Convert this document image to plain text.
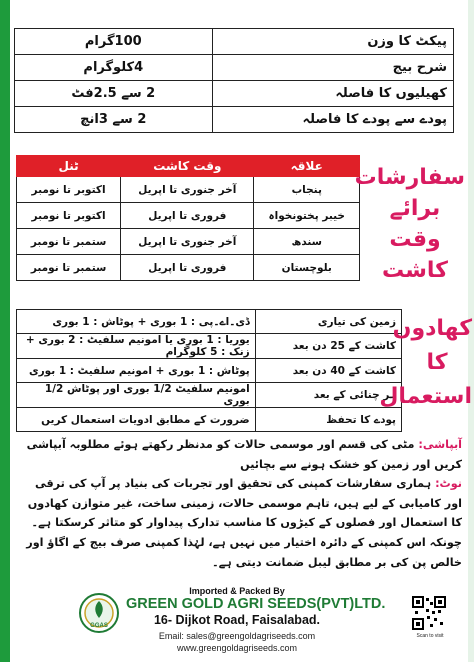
پیکٹ کا وزن	100گرام
شرح بیج	4کلوگرام
کھیلیوں کا فاصلہ	2 سے 2.5فٹ
پودے سے پودے کا فاصلہ	2 سے 3انچ
علاقہ	وقت کاشت	ٹنل
پنجاب	آخر جنوری تا اپریل	اکتوبر تا نومبر
خیبر پختونخواہ	فروری تا اپریل	اکتوبر تا نومبر
سندھ	آخر جنوری تا اپریل	ستمبر تا نومبر
بلوچستان	فروری تا اپریل	ستمبر تا نومبر
سفارشات برائے وقت کاشت
زمین کی تیاری	ڈی۔اے۔پی : 1 بوری + پوٹاش : 1 بوری
کاشت کے 25 دن بعد	یوریا : 1 بوری یا امونیم سلفیٹ : 2 بوری + زنک : 5 کلوگرام
کاشت کے 40 دن بعد	پوٹاش : 1 بوری + امونیم سلفیٹ : 1 بوری
ہر چنائی کے بعد	امونیم سلفیٹ 1/2 بوری اور پوٹاش 1/2 بوری
پودے کا تحفظ	ضرورت کے مطابق ادویات استعمال کریں
کھادوں کا استعمال

آبپاشی: مٹی کی قسم اور موسمی حالات کو مدنظر رکھتے ہوئے مطلوبہ آبپاشی کریں اور زمین کو خشک ہونے سے بچائیں

نوٹ: ہماری سفارشات کمپنی کی تحقیق اور تجربات کی بنیاد پر آپ کی ترقی اور کامیابی کے لیے ہیں، تاہم موسمی حالات، زمینی ساخت، غیر متوازن کھادوں کا استعمال اور فصلوں کے کیڑوں کا مناسب تدارک پیداوار کو متاثر کرسکتا ہے۔ چونکہ اس کمپنی کے دائرہ اختیار میں نہیں ہے، لہٰذا کمپنی صرف بیج کے اگاؤ اور خالص پن کی بر مطابق لیبل ضمانت دیتی ہے۔

Imported & Packed By
GGAS
GREEN GOLD AGRI SEEDS(PVT)LTD.
16- Dijkot Road, Faisalabad.
Email: sales@greengoldagriseeds.com
www.greengoldagriseeds.com
Scan to visit
